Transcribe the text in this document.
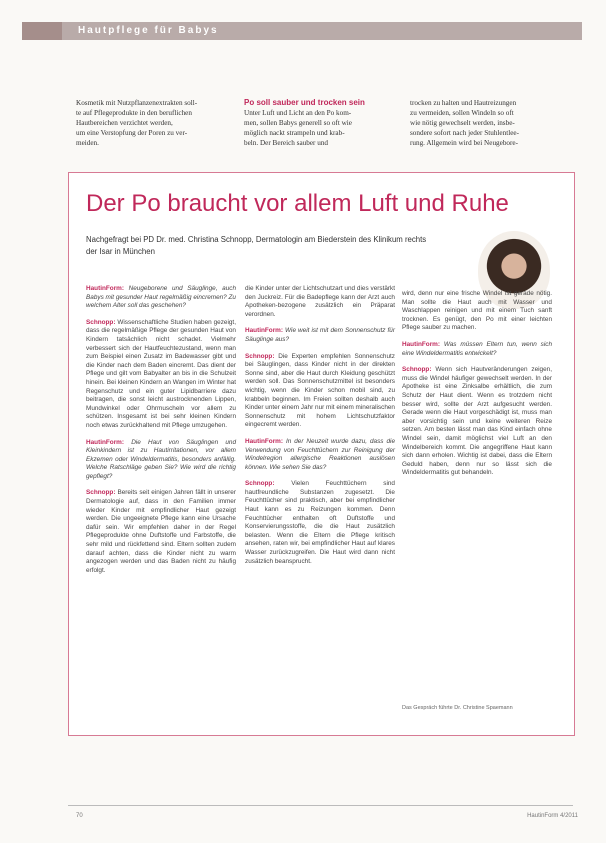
Hautpflege für Babys

Kosmetik mit Nutzpflanzenextrakten soll-
te auf Pflegeprodukte in den beruflichen Hautbereichen verzichtet werden,
um eine Verstopfung der Poren zu ver-
meiden.

Po soll sauber und trocken sein

Unter Luft und Licht an den Po kom-
men, sollen Babys generell so oft wie
möglich nackt strampeln und krab-
beln. Der Bereich sauber und

trocken zu halten und Hautreizungen
zu vermeiden, sollen Windeln so oft
wie nötig gewechselt werden, insbe-
sondere sofort nach jeder Stuhlentlee-
rung. Allgemein wird bei Neugebore-

Der Po braucht vor allem Luft und Ruhe
Nachgefragt bei PD Dr. med. Christina Schnopp, Dermatologin am Biederstein des Klinikum rechts der Isar in München

HautinForm: Neugeborene und Säuglinge, auch Babys mit gesunder Haut regelmäßig eincremen? Zu welchem Alter soll das geschehen?

Schnopp: Wissenschaftliche Studien haben gezeigt, dass die regelmäßige Pflege der gesunden Haut von Kindern tatsächlich nicht schadet. Vielmehr verbessert sich der Hautfeuchtezustand, wenn man zum Beispiel einen Zusatz im Badewasser gibt und die Kinder nach dem Baden eincremt. Das dient der Pflege und gilt vom Babyalter an bis in die Schulzeit hinein. Bei kleinen Kindern an Wangen im Winter hat Regenschutz und ein guter Lipidbarriere dazu beitragen, die sonst leicht austrocknenden Lippen, Mundwinkel oder Ohrmuscheln vor allem zu schützen. Insgesamt ist bei sehr kleinen Kindern noch etwas zurückhaltend mit Pflege umzugehen.

HautinForm: Die Haut von Säuglingen und Kleinkindern ist zu Hautirritationen, vor allem Ekzemen oder Windeldermatitis, besonders anfällig. Welche Ratschläge geben Sie? Wie wird die richtig gepflegt?

Schnopp: Bereits seit einigen Jahren fällt in unserer Dermatologie auf, dass in den Familien immer wieder Kinder mit empfindlicher Haut gezeigt werden. Die ungeeignete Pflege kann eine Ursache dafür sein. Wir empfehlen daher in der Regel Pflegeprodukte ohne Duftstoffe und Farbstoffe, die sehr mild und rückfettend sind. Eltern sollten zudem darauf achten, dass die Kinder nicht zu warm angezogen werden und das Baden nicht zu häufig erfolgt.

die Kinder unter der Lichtschutzart und dies verstärkt den Juckreiz. Für die Badepflege kann der Arzt auch Apotheken-bezogene zusätzlich ein Präparat verordnen.

HautinForm: Wie weit ist mit dem Sonnenschutz für Säuglinge aus?

Schnopp: Die Experten empfehlen Sonnenschutz bei Säuglingen, dass Kinder nicht in der direkten Sonne sind, aber die Haut durch Kleidung geschützt werden soll. Das Sonnenschutzmittel ist besonders wichtig, wenn die Kinder schon mobil sind, zu krabbeln beginnen. Im Freien sollten deshalb auch Kinder unter einem Jahr nur mit einem mineralischen Sonnenschutz mit hohem Lichtschutzfaktor eingecremt werden.

HautinForm: In der Neuzeit wurde dazu, dass die Verwendung von Feuchttüchern zur Reinigung der Windelregion allergische Reaktionen auslösen können. Wie sehen Sie das?

Schnopp: Vielen Feuchttüchern sind hautfreundliche Substanzen zugesetzt. Die Feuchttücher sind praktisch, aber bei empfindlicher Haut kann es zu Reizungen kommen. Denn Feuchttücher enthalten oft Duftstoffe und Konservierungsstoffe, die die Haut zusätzlich belasten. Wenn die Eltern die Pflege kritisch ansehen, raten wir, bei empfindlicher Haut auf klares Wasser zurückzugreifen. Die Haut wird dann nicht zusätzlich beansprucht.

wird, denn nur eine frische Windel ist gerade nötig. Man sollte die Haut auch mit Wasser und Waschlappen reinigen und mit einem Tuch sanft trocknen. Es genügt, den Po mit einer leichten Pflege sauber zu machen.

HautinForm: Was müssen Eltern tun, wenn sich eine Windeldermatitis entwickelt?

Schnopp: Wenn sich Hautveränderungen zeigen, muss die Windel häufiger gewechselt werden. In der Apotheke ist eine Zinksalbe erhältlich, die zum Schutz der Haut dient. Wenn es trotzdem nicht besser wird, sollte der Arzt aufgesucht werden. Gerade wenn die Haut vorgeschädigt ist, muss man aber vorsichtig sein und keine weiteren Reize setzen. Am besten lässt man das Kind einfach ohne Windel sein, damit möglichst viel Luft an den Windelbereich kommt. Die angegriffene Haut kann sich dann erholen. Wichtig ist dabei, dass die Eltern Geduld haben, denn nur so lässt sich die Windeldermatitis gut behandeln.

Das Gespräch führte Dr. Christine Spaemann
70	HautinForm 4/2011
